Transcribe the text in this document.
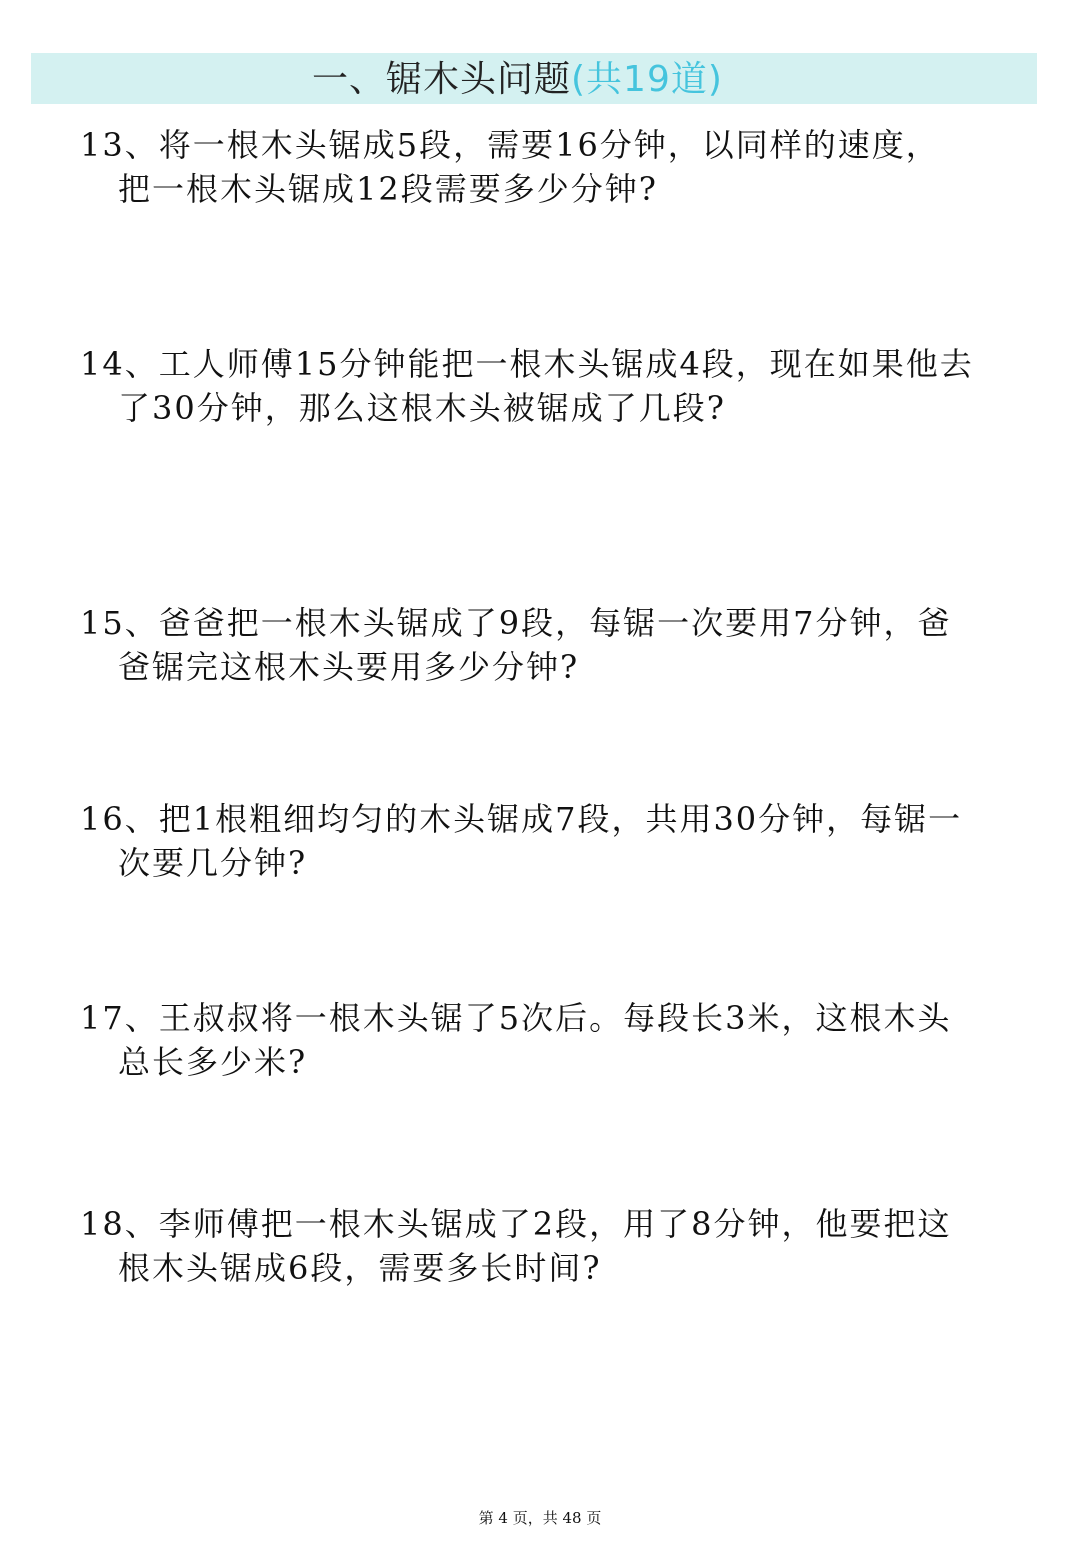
一、锯木头问题(共19道)
13、将一根木头锯成5段，需要16分钟，以同样的速度，
把一根木头锯成12段需要多少分钟?
14、工人师傅15分钟能把一根木头锯成4段，现在如果他去
了30分钟，那么这根木头被锯成了几段?
15、爸爸把一根木头锯成了9段，每锯一次要用7分钟，爸
爸锯完这根木头要用多少分钟?
16、把1根粗细均匀的木头锯成7段，共用30分钟，每锯一
次要几分钟?
17、王叔叔将一根木头锯了5次后。每段长3米，这根木头
总长多少米?
18、李师傅把一根木头锯成了2段，用了8分钟，他要把这
根木头锯成6段，需要多长时间?
第 4 页，共 48 页
